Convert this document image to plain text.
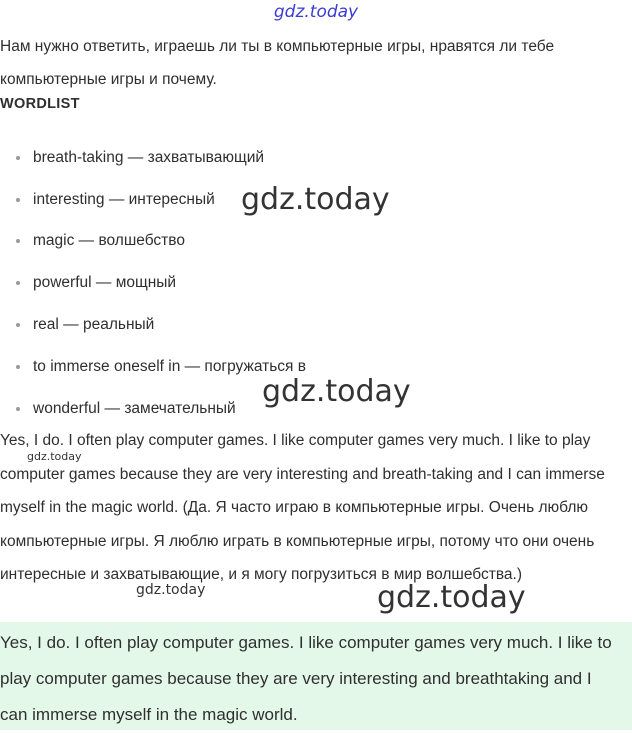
gdz.today
Нам нужно ответить, играешь ли ты в компьютерные игры, нравятся ли тебе компьютерные игры и почему.
WORDLIST
breath-taking — захватывающий
interesting — интересный
magic — волшебство
powerful — мощный
real — реальный
to immerse oneself in — погружаться в
wonderful — замечательный
Yes, I do. I often play computer games. I like computer games very much. I like to play computer games because they are very interesting and breath-taking and I can immerse myself in the magic world. (Да. Я часто играю в компьютерные игры. Очень люблю компьютерные игры. Я люблю играть в компьютерные игры, потому что они очень интересные и захватывающие, и я могу погрузиться в мир волшебства.)

Yes, I do. I often play computer games. I like computer games very much. I like to play computer games because they are very interesting and breathtaking and I can immerse myself in the magic world.

gdz.today
gdz.today
gdz.today
gdz.today
gdz.today
